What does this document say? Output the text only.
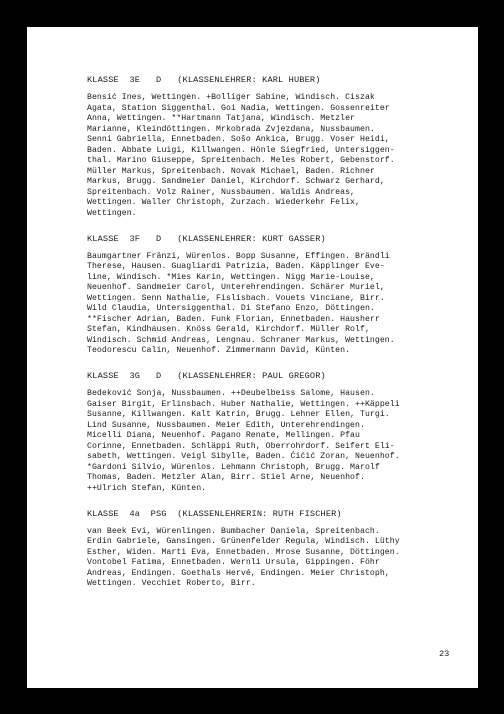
KLASSE  3E   D   (KLASSENLEHRER: KARL HUBER)
Bensić Ines, Wettingen. +Bolliger Sabine, Windisch. Ciszak
Agata, Station Siggenthal. Goi Nadia, Wettingen. Gossenreiter
Anna, Wettingen. **Hartmann Tatjana, Windisch. Metzler
Marianne, Kleindöttingen. Mrkobrada Zvjezdana, Nussbaumen.
Senni Gabriella, Ennetbaden. Sošo Ankica, Brugg. Voser Heidi,
Baden. Abbate Luigi, Killwangen. Hönle Siegfried, Untersiggen-
thal. Marino Giuseppe, Spreitenbach. Meles Robert, Gebenstorf.
Müller Markus, Spreitenbach. Novak Michael, Baden. Richner
Markus, Brugg. Sandmeier Daniel, Kirchdorf. Schwarz Gerhard,
Spreitenbach. Volz Rainer, Nussbaumen. Waldis Andreas,
Wettingen. Waller Christoph, Zurzach. Wiederkehr Felix,
Wettingen.
KLASSE  3F   D   (KLASSENLEHRER: KURT GASSER)
Baumgartner Fränzi, Würenlos. Bopp Susanne, Effingen. Brändli
Therese, Hausen. Guagliardi Patrizia, Baden. Käpplinger Eve-
line, Windisch. *Mies Karin, Wettingen. Nigg Marie-Louise,
Neuenhof. Sandmeier Carol, Unterehrendingen. Schärer Muriel,
Wettingen. Senn Nathalie, Fislisbach. Vouets Vinciane, Birr.
Wild Claudia, Untersiggenthal. Di Stefano Enzo, Döttingen.
**Fischer Adrian, Baden. Funk Florian, Ennetbaden. Hausherr
Stefan, Kindhausen. Knöss Gerald, Kirchdorf. Müller Rolf,
Windisch. Schmid Andreas, Lengnau. Schraner Markus, Wettingen.
Teodorescu Calin, Neuenhof. Zimmermann David, Künten.
KLASSE  3G   D   (KLASSENLEHRER: PAUL GREGOR)
Bedeković Sonja, Nussbaumen. ++Deubelbeiss Salome, Hausen.
Gaiser Birgit, Erlinsbach. Huber Nathalie, Wettingen. ++Käppeli
Susanne, Killwangen. Kalt Katrin, Brugg. Lehner Ellen, Turgi.
Lind Susanne, Nussbaumen. Meier Edith, Unterehrendingen.
Micelli Diana, Neuenhof. Pagano Renate, Mellingen. Pfau
Corinne, Ennetbaden. Schläppi Ruth, Oberrohrdorf. Seifert Eli-
sabeth, Wettingen. Veigl Sibylle, Baden. Ćićić Zoran, Neuenhof.
*Gardoni Silvio, Würenlos. Lehmann Christoph, Brugg. Marolf
Thomas, Baden. Metzler Alan, Birr. Stiel Arne, Neuenhof.
++Ulrich Stefan, Künten.
KLASSE  4a  PSG  (KLASSENLEHRERIN: RUTH FISCHER)
van Beek Evi, Würenlingen. Bumbacher Daniela, Spreitenbach.
Erdin Gabriele, Gansingen. Grünenfelder Regula, Windisch. Lüthy
Esther, Widen. Marti Eva, Ennetbaden. Mrose Susanne, Döttingen.
Vontobel Fatima, Ennetbaden. Wernli Ursula, Gippingen. Föhr
Andreas, Endingen. Goethals Hervé, Endingen. Meier Christoph,
Wettingen. Vecchiet Roberto, Birr.
23
